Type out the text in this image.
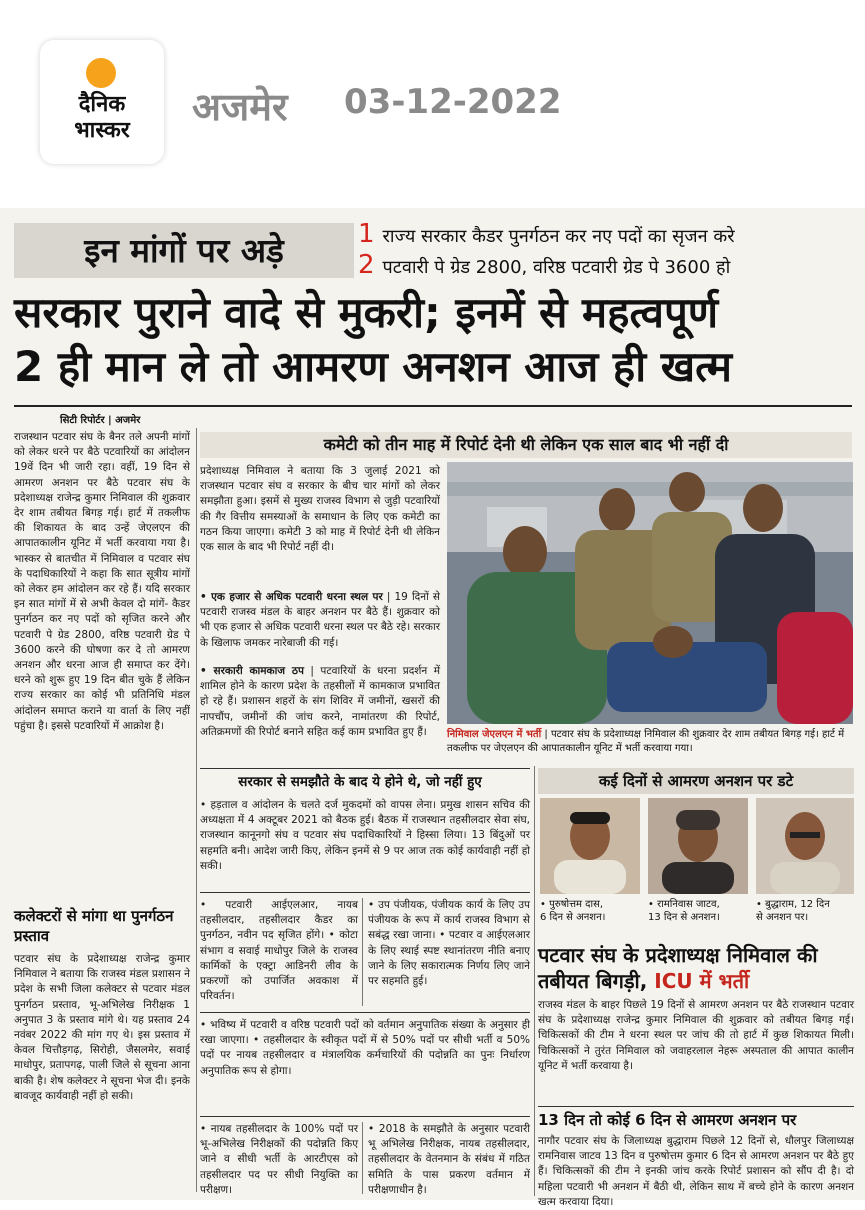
दैनिक
भास्कर
अजमेर 03-12-2022
इन मांगों पर अड़े	1 राज्य सरकार कैडर पुनर्गठन कर नए पदों का सृजन करे
2 पटवारी पे ग्रेड 2800, वरिष्ठ पटवारी ग्रेड पे 3600 हो
सरकार पुराने वादे से मुकरी; इनमें से महत्वपूर्ण
2 ही मान ले तो आमरण अनशन आज ही खत्म
सिटी रिपोर्टर | अजमेर
राजस्थान पटवार संघ के बैनर तले अपनी मांगों को लेकर धरने पर बैठे पटवारियों का आंदोलन 19वें दिन भी जारी रहा। वहीं, 19 दिन से आमरण अनशन पर बैठे पटवार संघ के प्रदेशाध्यक्ष राजेन्द्र कुमार निमिवाल की शुक्रवार देर शाम तबीयत बिगड़ गई। हार्ट में तकलीफ की शिकायत के बाद उन्हें जेएलएन की आपातकालीन यूनिट में भर्ती करवाया गया है। भास्कर से बातचीत में निमिवाल व पटवार संघ के पदाधिकारियों ने कहा कि सात सूत्रीय मांगों को लेकर हम आंदोलन कर रहे हैं। यदि सरकार इन सात मांगों में से अभी केवल दो मांगें- कैडर पुनर्गठन कर नए पदों को सृजित करने और पटवारी पे ग्रेड 2800, वरिष्ठ पटवारी ग्रेड पे 3600 करने की घोषणा कर दे तो आमरण अनशन और धरना आज ही समाप्त कर देंगे। धरने को शुरू हुए 19 दिन बीत चुके हैं लेकिन राज्य सरकार का कोई भी प्रतिनिधि मंडल आंदोलन समाप्त कराने या वार्ता के लिए नहीं पहुंचा है। इससे पटवारियों में आक्रोश है।
कलेक्टरों से मांगा था पुनर्गठन प्रस्ताव
पटवार संघ के प्रदेशाध्यक्ष राजेन्द्र कुमार निमिवाल ने बताया कि राजस्व मंडल प्रशासन ने प्रदेश के सभी जिला कलेक्टर से पटवार मंडल पुनर्गठन प्रस्ताव, भू-अभिलेख निरीक्षक 1 अनुपात 3 के प्रस्ताव मांगे थे। यह प्रस्ताव 24 नवंबर 2022 की मांग गए थे। इस प्रस्ताव में केवल चित्तौड़गढ़, सिरोही, जैसलमेर, सवाई माधोपुर, प्रतापगढ़, पाली जिले से सूचना आना बाकी है। शेष कलेक्टर ने सूचना भेज दी। इनके बावजूद कार्यवाही नहीं हो सकी।
कमेटी को तीन माह में रिपोर्ट देनी थी लेकिन एक साल बाद भी नहीं दी
प्रदेशाध्यक्ष निमिवाल ने बताया कि 3 जुलाई 2021 को राजस्थान पटवार संघ व सरकार के बीच चार मांगों को लेकर समझौता हुआ। इसमें से मुख्य राजस्व विभाग से जुड़ी पटवारियों की गैर वित्तीय समस्याओं के समाधान के लिए एक कमेटी का गठन किया जाएगा। कमेटी 3 को माह में रिपोर्ट देनी थी लेकिन एक साल के बाद भी रिपोर्ट नहीं दी।
• एक हजार से अधिक पटवारी धरना स्थल पर | 19 दिनों से पटवारी राजस्व मंडल के बाहर अनशन पर बैठे हैं। शुक्रवार को भी एक हजार से अधिक पटवारी धरना स्थल पर बैठे रहे। सरकार के खिलाफ जमकर नारेबाजी की गई।
• सरकारी कामकाज ठप | पटवारियों के धरना प्रदर्शन में शामिल होने के कारण प्रदेश के तहसीलों में कामकाज प्रभावित हो रहे हैं। प्रशासन शहरों के संग शिविर में जमीनों, खसरों की नापचौंप, जमीनों की जांच करने, नामांतरण की रिपोर्ट, अतिक्रमणों की रिपोर्ट बनाने सहित कई काम प्रभावित हुए हैं।	निमिवाल जेएलएन में भर्ती | पटवार संघ के प्रदेशाध्यक्ष निमिवाल की शुक्रवार देर शाम तबीयत बिगड़ गई। हार्ट में तकलीफ पर जेएलएन की आपातकालीन यूनिट में भर्ती करवाया गया।
सरकार से समझौते के बाद ये होने थे, जो नहीं हुए
• हड़ताल व आंदोलन के चलते दर्ज मुकदमों को वापस लेना। प्रमुख शासन सचिव की अध्यक्षता में 4 अक्टूबर 2021 को बैठक हुई। बैठक में राजस्थान तहसीलदार सेवा संघ, राजस्थान कानूनगो संघ व पटवार संघ पदाधिकारियों ने हिस्सा लिया। 13 बिंदुओं पर सहमति बनी। आदेश जारी किए, लेकिन इनमें से 9 पर आज तक कोई कार्यवाही नहीं हो सकी।
• पटवारी आईएलआर, नायब तहसीलदार, तहसीलदार कैडर का पुनर्गठन, नवीन पद सृजित होंगे। • कोटा संभाग व सवाई माधोपुर जिले के राजस्व कार्मिकों के एक्ट्रा आडिनरी लीव के प्रकरणों को उपार्जित अवकाश में परिवर्तन।
• उप पंजीयक, पंजीयक कार्य के लिए उप पंजीयक के रूप में कार्य राजस्व विभाग से सबंद्ध रखा जाना। • पटवार व आईएलआर के लिए स्थाई स्पष्ट स्थानांतरण नीति बनाए जाने के लिए सकारात्मक निर्णय लिए जाने पर सहमति हुई।
• भविष्य में पटवारी व वरिष्ठ पटवारी पदों को वर्तमान अनुपातिक संख्या के अनुसार ही रखा जाएगा। • तहसीलदार के स्वीकृत पदों में से 50% पदों पर सीधी भर्ती व 50% पदों पर नायब तहसीलदार व मंत्रालयिक कर्मचारियों की पदोन्नति का पुनः निर्धारण अनुपातिक रूप से होगा।
• नायब तहसीलदार के 100% पदों पर भू-अभिलेख निरीक्षकों की पदोन्नति किए जाने व सीधी भर्ती के आरटीएस को तहसीलदार पद पर सीधी नियुक्ति का परीक्षण।
• 2018 के समझौते के अनुसार पटवारी भू अभिलेख निरीक्षक, नायब तहसीलदार, तहसीलदार के वेतनमान के संबंध में गठित समिति के पास प्रकरण वर्तमान में परीक्षणाधीन है।
कई दिनों से आमरण अनशन पर डटे
• पुरुषोत्तम दास,
6 दिन से अनशन।
• रामनिवास जाटव,
13 दिन से अनशन।
• बुद्धाराम, 12 दिन
से अनशन पर।
पटवार संघ के प्रदेशाध्यक्ष निमिवाल की तबीयत बिगड़ी, ICU में भर्ती
राजस्व मंडल के बाहर पिछले 19 दिनों से आमरण अनशन पर बैठे राजस्थान पटवार संघ के प्रदेशाध्यक्ष राजेन्द्र कुमार निमिवाल की शुक्रवार को तबीयत बिगड़ गई। चिकित्सकों की टीम ने धरना स्थल पर जांच की तो हार्ट में कुछ शिकायत मिली। चिकित्सकों ने तुरंत निमिवाल को जवाहरलाल नेहरू अस्पताल की आपात कालीन यूनिट में भर्ती करवाया है।
13 दिन तो कोई 6 दिन से आमरण अनशन पर
नागौर पटवार संघ के जिलाध्यक्ष बुद्धाराम पिछले 12 दिनों से, धौलपुर जिलाध्यक्ष रामनिवास जाटव 13 दिन व पुरुषोत्तम कुमार 6 दिन से आमरण अनशन पर बैठे हुए हैं। चिकित्सकों की टीम ने इनकी जांच करके रिपोर्ट प्रशासन को सौंप दी है। दो महिला पटवारी भी अनशन में बैठी थी, लेकिन साथ में बच्चे होने के कारण अनशन खत्म करवाया दिया।
